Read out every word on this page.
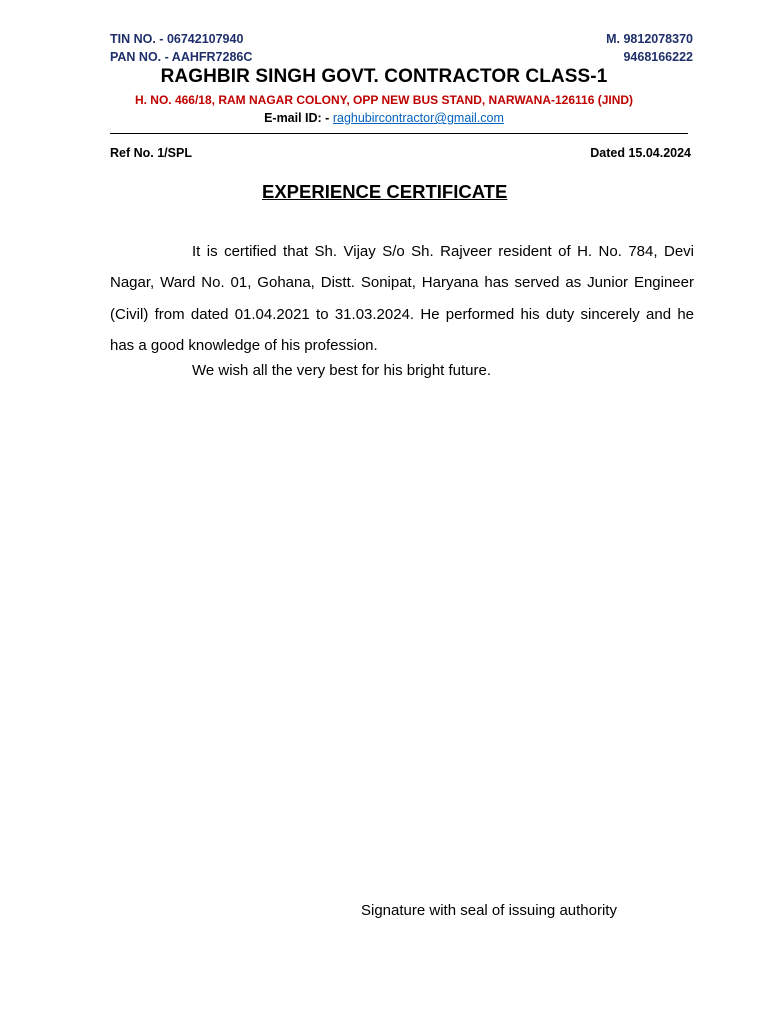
TIN NO. - 06742107940
PAN NO. - AAHFR7286C
M. 9812078370
9468166222
RAGHBIR SINGH GOVT. CONTRACTOR CLASS-1
H. NO. 466/18, RAM NAGAR COLONY, OPP NEW BUS STAND, NARWANA-126116 (JIND)
E-mail ID: - raghubircontractor@gmail.com
Ref No. 1/SPL	Dated 15.04.2024
EXPERIENCE CERTIFICATE

It is certified that Sh. Vijay S/o Sh. Rajveer resident of H. No. 784, Devi Nagar, Ward No. 01, Gohana, Distt. Sonipat, Haryana has served as Junior Engineer (Civil) from dated 01.04.2021 to 31.03.2024. He performed his duty sincerely and he has a good knowledge of his profession.

We wish all the very best for his bright future.

Signature with seal of issuing authority
